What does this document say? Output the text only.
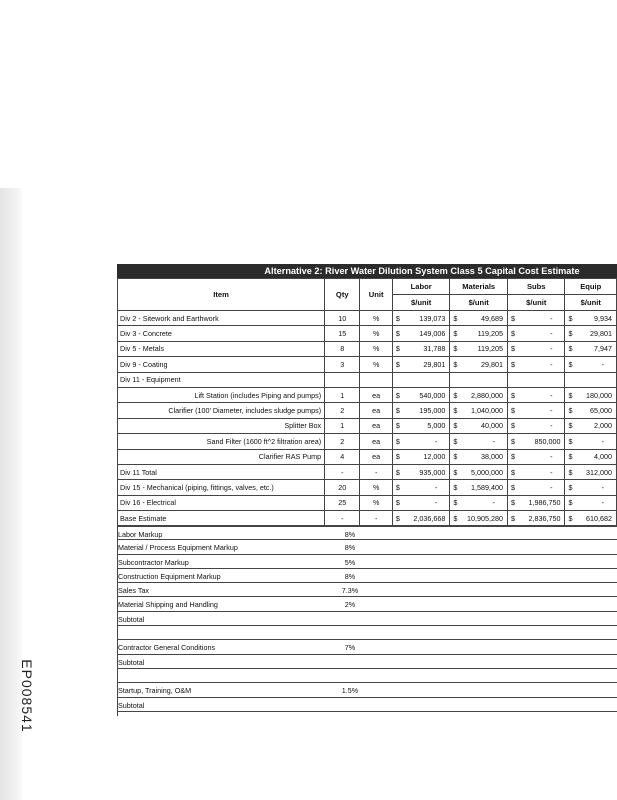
EP008541
Alternative 2: River Water Dilution System Class 5 Capital Cost Estimate
Item	Qty	Unit	Labor	Materials	Subs	Equip
			$/unit	$/unit	$/unit	$/unit
Div 2 - Sitework and Earthwork	10	%	$ 139,073	$ 49,689	$ -	$ 9,934

Div 3 - Concrete	15	%	$ 149,006	$ 119,205	$ -	$ 29,801

Div 5 - Metals	8	%	$ 31,788	$ 119,205	$ -	$ 7,947

Div 9 - Coating	3	%	$ 29,801	$ 29,801	$ -	$ -

Div 11 - Equipment						
Lift Station (includes Piping and pumps)	1	ea	$ 540,000	$ 2,880,000	$ -	$ 180,000

Clarifier (100' Diameter, includes sludge pumps)	2	ea	$ 195,000	$ 1,040,000	$ -	$ 65,000

Splitter Box	1	ea	$ 5,000	$ 40,000	$ -	$ 2,000

Sand Filter (1600 ft^2 filtration area)	2	ea	$ -	$ -	$ 850,000	$ -

Clarifier RAS Pump	4	ea	$ 12,000	$ 38,000	$ -	$ 4,000

Div 11 Total	-	-	$ 935,000	$ 5,000,000	$ -	$ 312,000

Div 15 - Mechanical (piping, fittings, valves, etc.)	20	%	$ -	$ 1,589,400	$ -	$ -

Div 16 - Electrical	25	%	$ -	$ -	$ 1,986,750	$ -

Base Estimate	-	-	$ 2,036,668	$ 10,905,280	$ 2,836,750	$ 610,682
Labor Markup	8%
Material / Process Equipment Markup	8%
Subcontractor Markup	5%
Construction Equipment Markup	8%
Sales Tax	7.3%
Material Shipping and Handling	2%
Subtotal
Contractor General Conditions	7%
Subtotal
Startup, Training, O&M	1.5%
Subtotal
